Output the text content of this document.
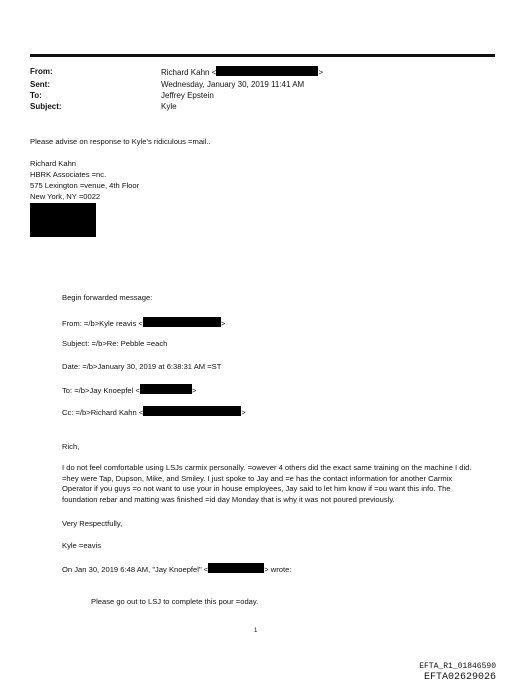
From:	Richard Kahn <	>
Sent:	Wednesday, January 30, 2019 11:41 AM
To:	Jeffrey Epstein
Subject:	Kyle
Please advise on response to Kyle's ridiculous =mail..
Richard Kahn
HBRK Associates =nc.
575 Lexington =venue, 4th Floor
New York, NY =0022
Begin forwarded message:
From: =/b>Kyle reavis <	>
Subject: =/b>Re: Pebble =each
Date: =/b>January 30, 2019 at 6:38:31 AM =ST
To: =/b>Jay Knoepfel <	>
Cc: =/b>Richard Kahn <	>
Rich,
I do not feel comfortable using LSJs carmix personally. =owever 4 others did the exact same training on the machine I did. =hey were Tap, Dupson, Mike, and Smiley. I just spoke to Jay and =e has the contact information for another Carmix Operator if you guys =o not want to use your in house employees, Jay said to let him know if =ou want this info. The foundation rebar and matting was finished =id day Monday that is why it was not poured previously.
Very Respectfully,
Kyle =eavis
On Jan 30, 2019 6:48 AM, "Jay Knoepfel" <	> wrote:
Please go out to LSJ to complete this pour =oday.
1
EFTA_R1_01846590
EFTA02629026
